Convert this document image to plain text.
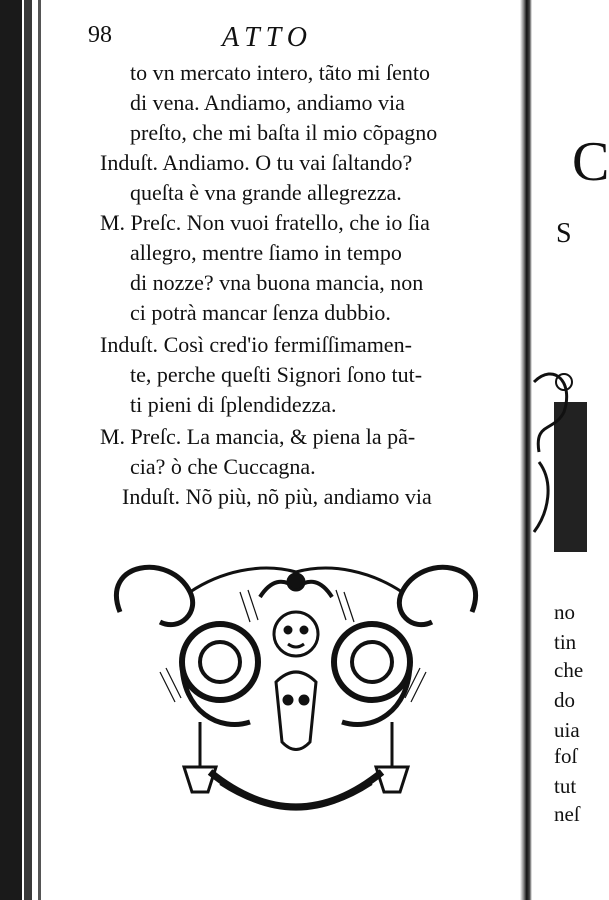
98	ATTO
to vn mercato intero, tãto mi ſento
di vena. Andiamo, andiamo via
preſto, che mi baſta il mio cõpagno
Induſt. Andiamo. O tu vai ſaltando?
queſta è vna grande allegrezza.
M. Preſc. Non vuoi fratello, che io ſia
allegro, mentre ſiamo in tempo
di nozze? vna buona mancia, non
ci potrà mancar ſenza dubbio.
Induſt. Così cred'io fermiſſimamen-
te, perche queſti Signori ſono tut-
ti pieni di ſplendidezza.
M. Preſc. La mancia, & piena la pã-
cia? ò che Cuccagna.
Induſt. Nõ più, nõ più, andiamo via
C
S
no
tin
che
do
uia
foſ
tut
neſ
